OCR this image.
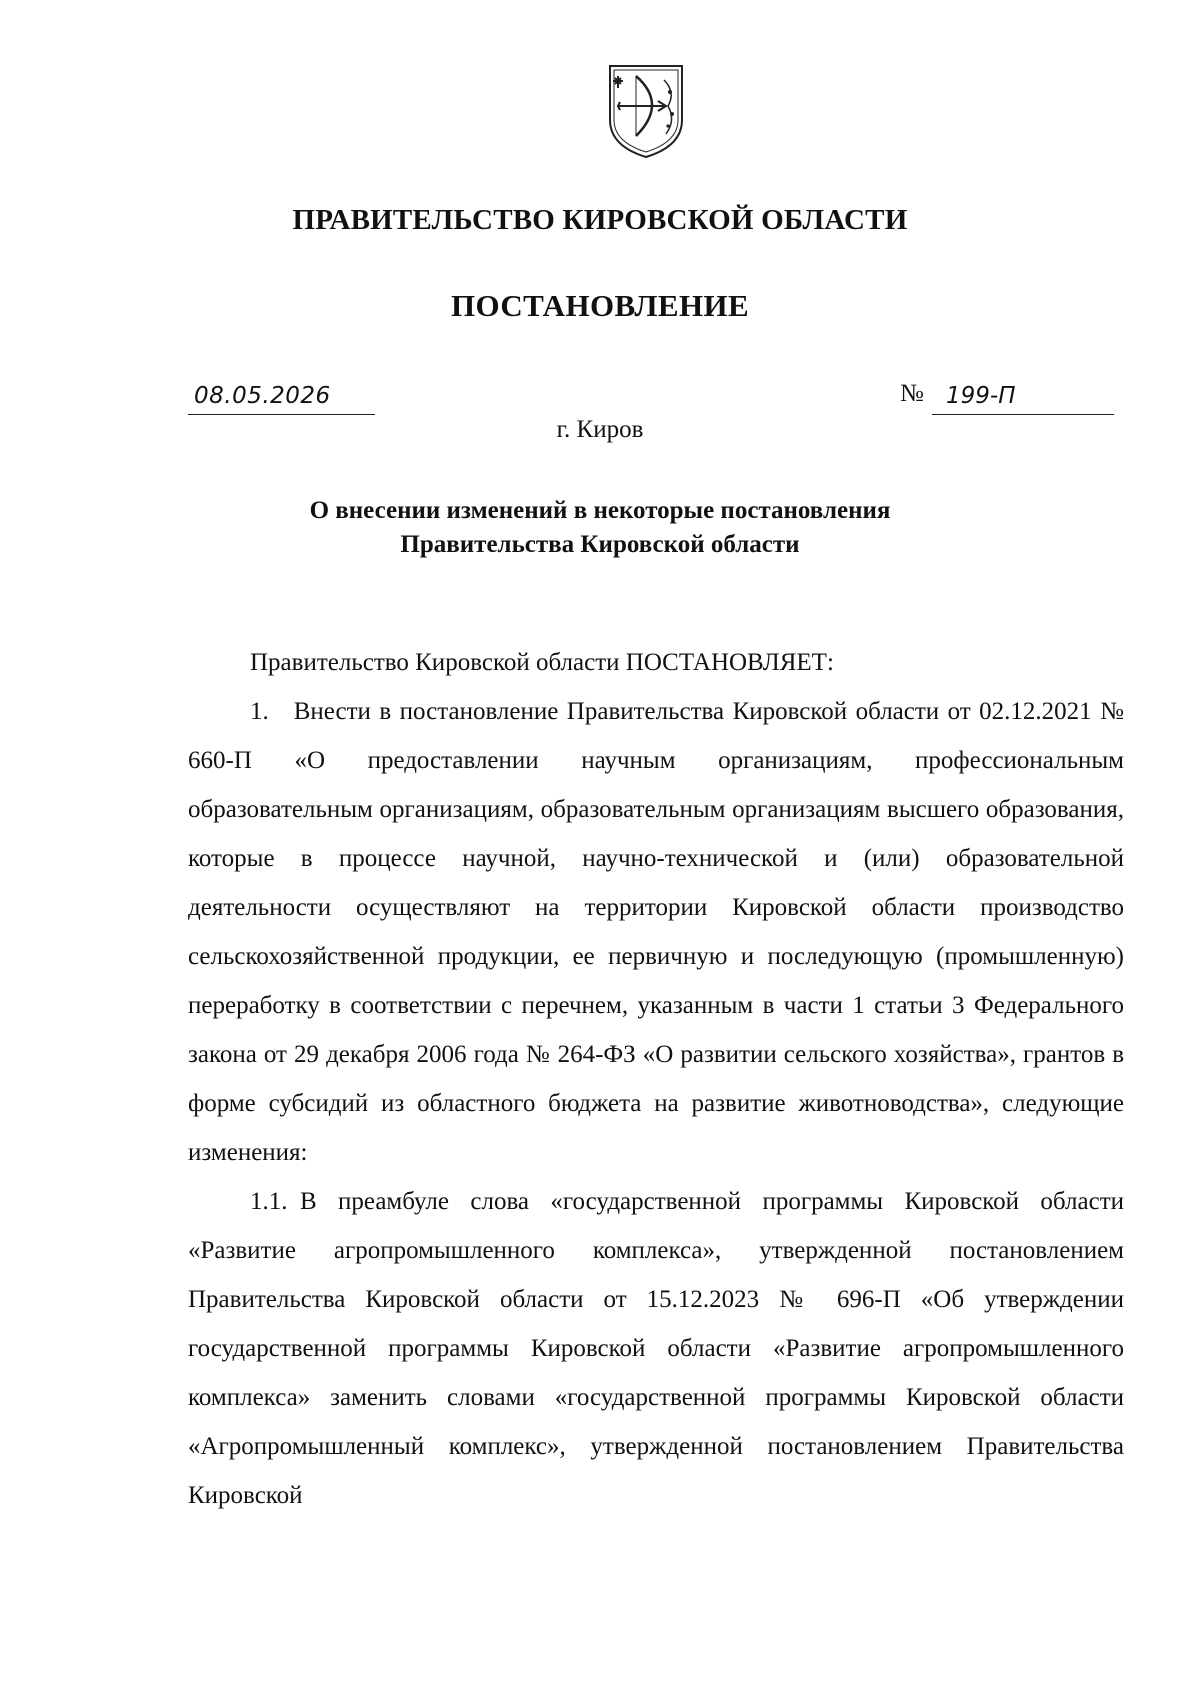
ПРАВИТЕЛЬСТВО КИРОВСКОЙ ОБЛАСТИ
ПОСТАНОВЛЕНИЕ
08.05.2026	№ 199-П
г. Киров
О внесении изменений в некоторые постановления
Правительства Кировской области

Правительство Кировской области ПОСТАНОВЛЯЕТ:

1. Внести в постановление Правительства Кировской области от 02.12.2021 № 660-П «О предоставлении научным организациям, профессиональным образовательным организациям, образовательным организациям высшего образования, которые в процессе научной, научно-технической и (или) образовательной деятельности осуществляют на территории Кировской области производство сельскохозяйственной продукции, ее первичную и последующую (промышленную) переработку в соответствии с перечнем, указанным в части 1 статьи 3 Федерального закона от 29 декабря 2006 года № 264-ФЗ «О развитии сельского хозяйства», грантов в форме субсидий из областного бюджета на развитие животноводства», следующие изменения:

1.1. В преамбуле слова «государственной программы Кировской области «Развитие агропромышленного комплекса», утвержденной постановлением Правительства Кировской области от 15.12.2023 № 696-П «Об утверждении государственной программы Кировской области «Развитие агропромышленного комплекса» заменить словами «государственной программы Кировской области «Агропромышленный комплекс», утвержденной постановлением Правительства Кировской
